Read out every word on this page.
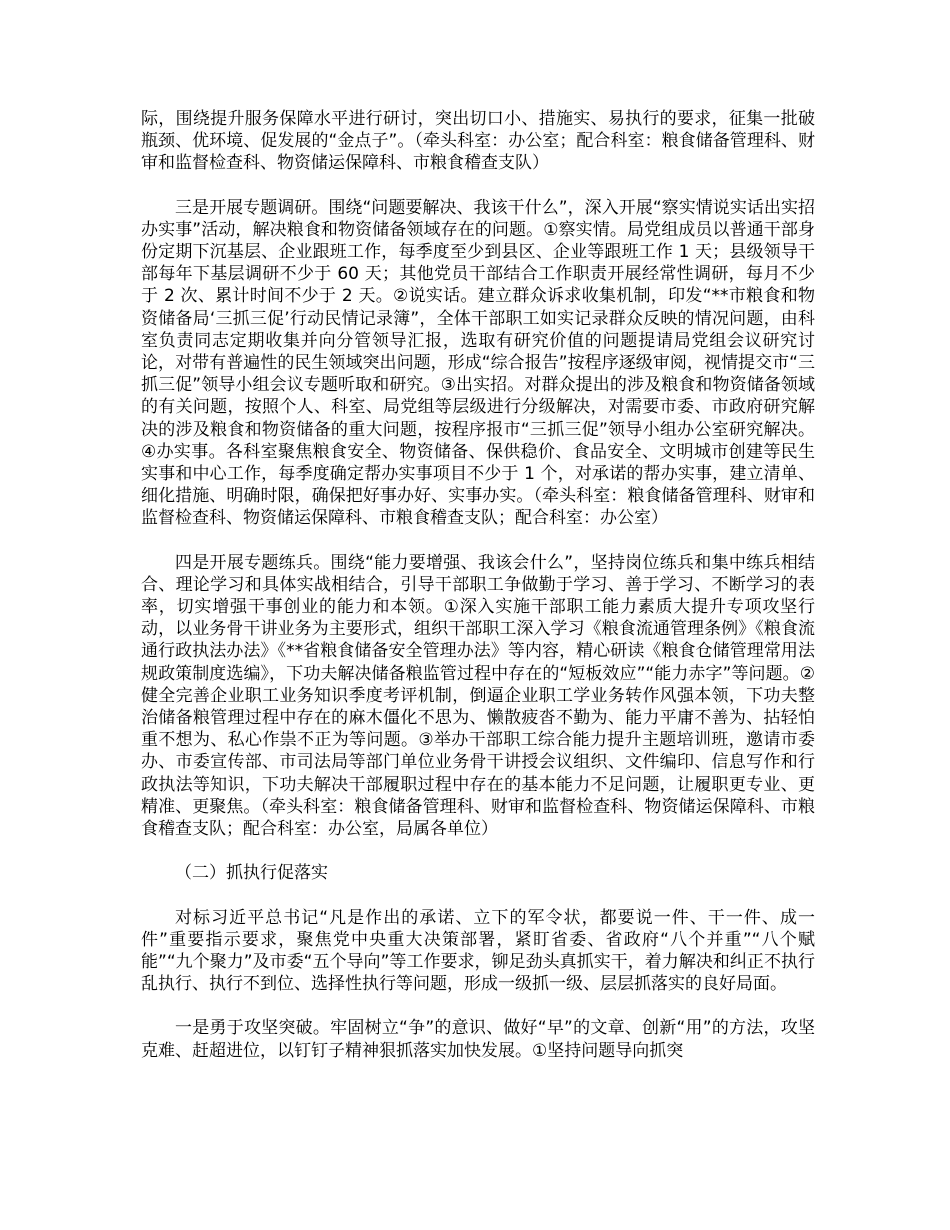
际，围绕提升服务保障水平进行研讨，突出切口小、措施实、易执行的要求，征集一批破瓶颈、优环境、促发展的“金点子”。（牵头科室：办公室；配合科室：粮食储备管理科、财审和监督检查科、物资储运保障科、市粮食稽查支队）

三是开展专题调研。围绕“问题要解决、我该干什么”，深入开展“察实情说实话出实招办实事”活动，解决粮食和物资储备领域存在的问题。①察实情。局党组成员以普通干部身份定期下沉基层、企业跟班工作，每季度至少到县区、企业等跟班工作 1 天；县级领导干部每年下基层调研不少于 60 天；其他党员干部结合工作职责开展经常性调研，每月不少于 2 次、累计时间不少于 2 天。②说实话。建立群众诉求收集机制，印发“**市粮食和物资储备局‘三抓三促’行动民情记录簿”，全体干部职工如实记录群众反映的情况问题，由科室负责同志定期收集并向分管领导汇报，选取有研究价值的问题提请局党组会议研究讨论，对带有普遍性的民生领域突出问题，形成“综合报告”按程序逐级审阅，视情提交市“三抓三促”领导小组会议专题听取和研究。③出实招。对群众提出的涉及粮食和物资储备领域的有关问题，按照个人、科室、局党组等层级进行分级解决，对需要市委、市政府研究解决的涉及粮食和物资储备的重大问题，按程序报市“三抓三促”领导小组办公室研究解决。④办实事。各科室聚焦粮食安全、物资储备、保供稳价、食品安全、文明城市创建等民生实事和中心工作，每季度确定帮办实事项目不少于 1 个，对承诺的帮办实事，建立清单、细化措施、明确时限，确保把好事办好、实事办实。（牵头科室：粮食储备管理科、财审和监督检查科、物资储运保障科、市粮食稽查支队；配合科室：办公室）

四是开展专题练兵。围绕“能力要增强、我该会什么”，坚持岗位练兵和集中练兵相结合、理论学习和具体实战相结合，引导干部职工争做勤于学习、善于学习、不断学习的表率，切实增强干事创业的能力和本领。①深入实施干部职工能力素质大提升专项攻坚行动，以业务骨干讲业务为主要形式，组织干部职工深入学习《粮食流通管理条例》《粮食流通行政执法办法》《**省粮食储备安全管理办法》等内容，精心研读《粮食仓储管理常用法规政策制度选编》，下功夫解决储备粮监管过程中存在的“短板效应”“能力赤字”等问题。②健全完善企业职工业务知识季度考评机制，倒逼企业职工学业务转作风强本领，下功夫整治储备粮管理过程中存在的麻木僵化不思为、懒散疲沓不勤为、能力平庸不善为、拈轻怕重不想为、私心作祟不正为等问题。③举办干部职工综合能力提升主题培训班，邀请市委办、市委宣传部、市司法局等部门单位业务骨干讲授会议组织、文件编印、信息写作和行政执法等知识，下功夫解决干部履职过程中存在的基本能力不足问题，让履职更专业、更精准、更聚焦。（牵头科室：粮食储备管理科、财审和监督检查科、物资储运保障科、市粮食稽查支队；配合科室：办公室，局属各单位）

（二）抓执行促落实

对标习近平总书记“凡是作出的承诺、立下的军令状，都要说一件、干一件、成一件”重要指示要求，聚焦党中央重大决策部署，紧盯省委、省政府“八个并重”“八个赋能”“九个聚力”及市委“五个导向”等工作要求，铆足劲头真抓实干，着力解决和纠正不执行乱执行、执行不到位、选择性执行等问题，形成一级抓一级、层层抓落实的良好局面。

一是勇于攻坚突破。牢固树立“争”的意识、做好“早”的文章、创新“用”的方法，攻坚克难、赶超进位，以钉钉子精神狠抓落实加快发展。①坚持问题导向抓突
